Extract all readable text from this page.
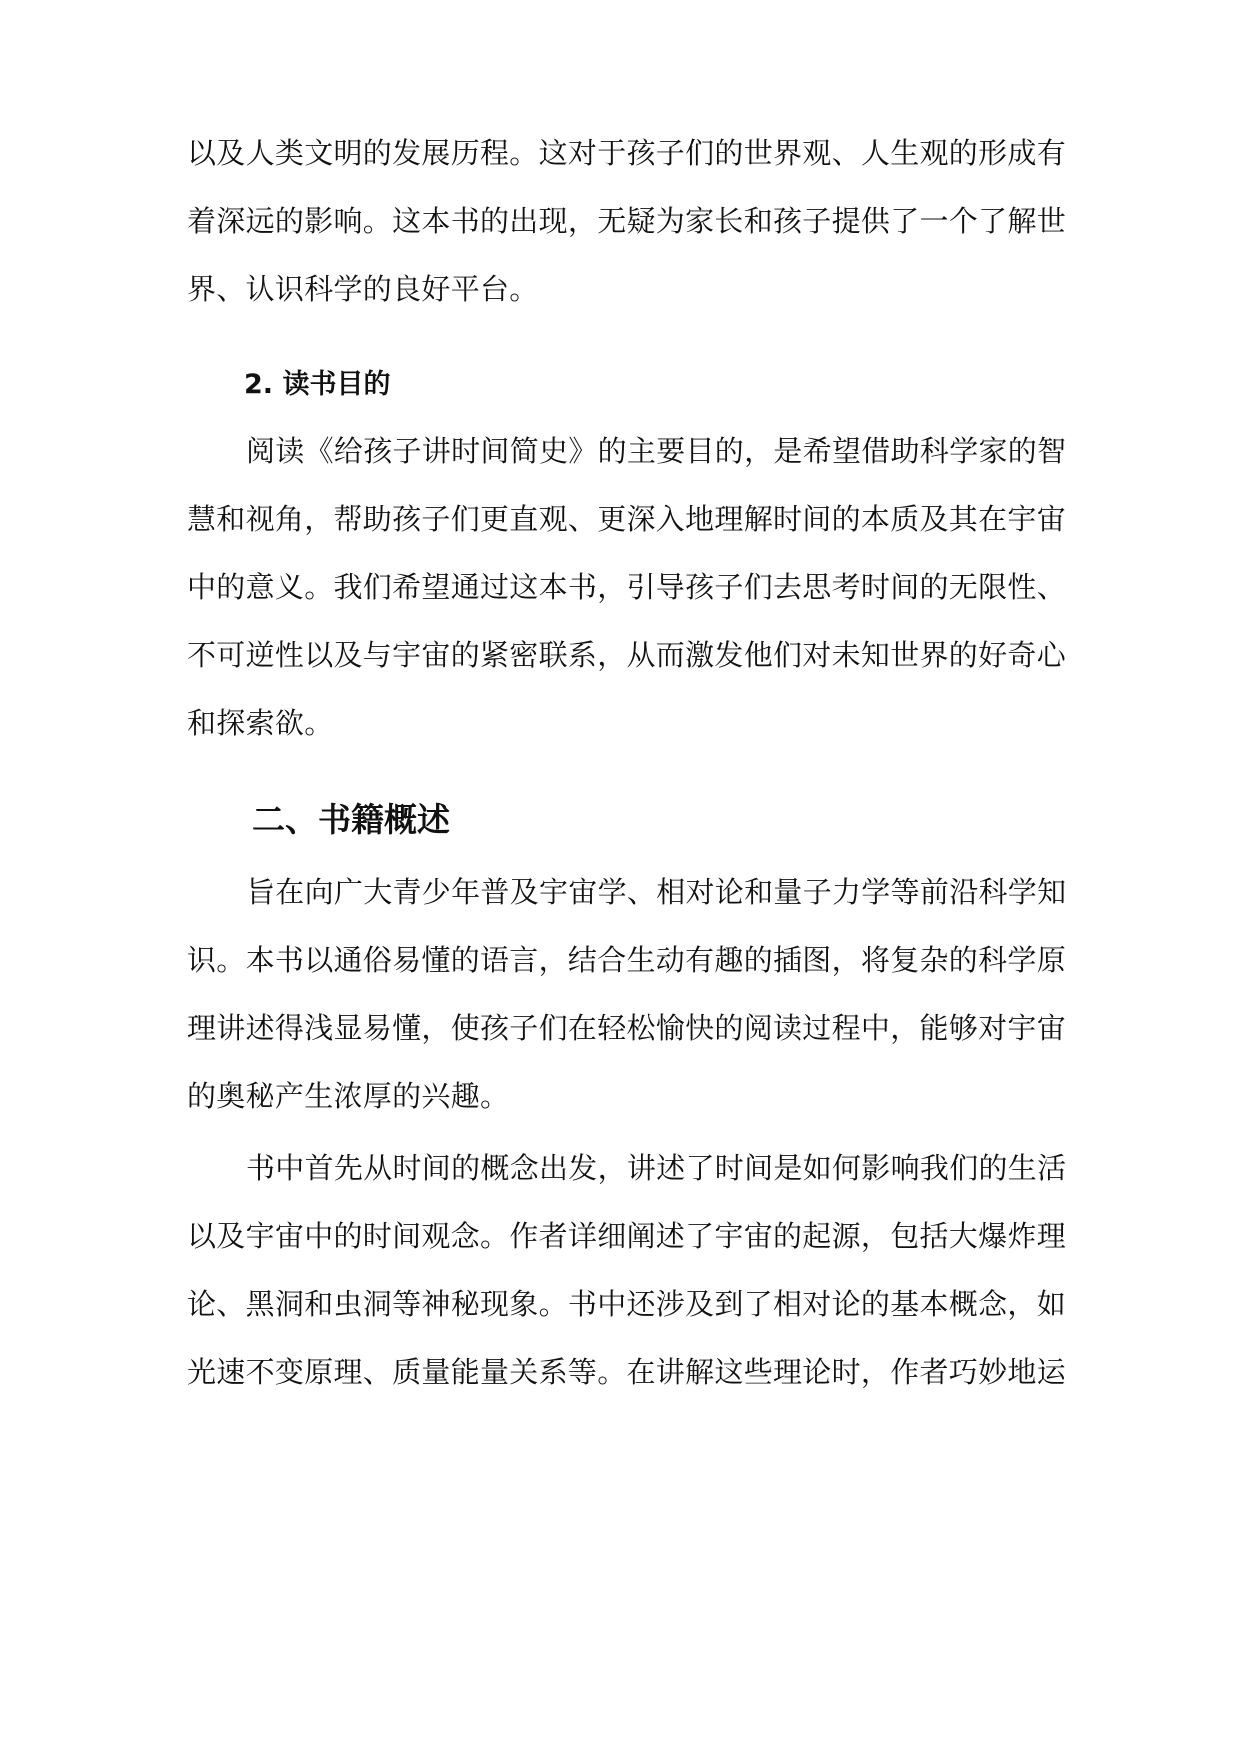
以及人类文明的发展历程。这对于孩子们的世界观、人生观的形成有
着深远的影响。这本书的出现，无疑为家长和孩子提供了一个了解世
界、认识科学的良好平台。
2. 读书目的
阅读《给孩子讲时间简史》的主要目的，是希望借助科学家的智
慧和视角，帮助孩子们更直观、更深入地理解时间的本质及其在宇宙
中的意义。我们希望通过这本书，引导孩子们去思考时间的无限性、
不可逆性以及与宇宙的紧密联系，从而激发他们对未知世界的好奇心
和探索欲。
二、书籍概述
旨在向广大青少年普及宇宙学、相对论和量子力学等前沿科学知
识。本书以通俗易懂的语言，结合生动有趣的插图，将复杂的科学原
理讲述得浅显易懂，使孩子们在轻松愉快的阅读过程中，能够对宇宙
的奥秘产生浓厚的兴趣。
书中首先从时间的概念出发，讲述了时间是如何影响我们的生活
以及宇宙中的时间观念。作者详细阐述了宇宙的起源，包括大爆炸理
论、黑洞和虫洞等神秘现象。书中还涉及到了相对论的基本概念，如
光速不变原理、质量能量关系等。在讲解这些理论时，作者巧妙地运
